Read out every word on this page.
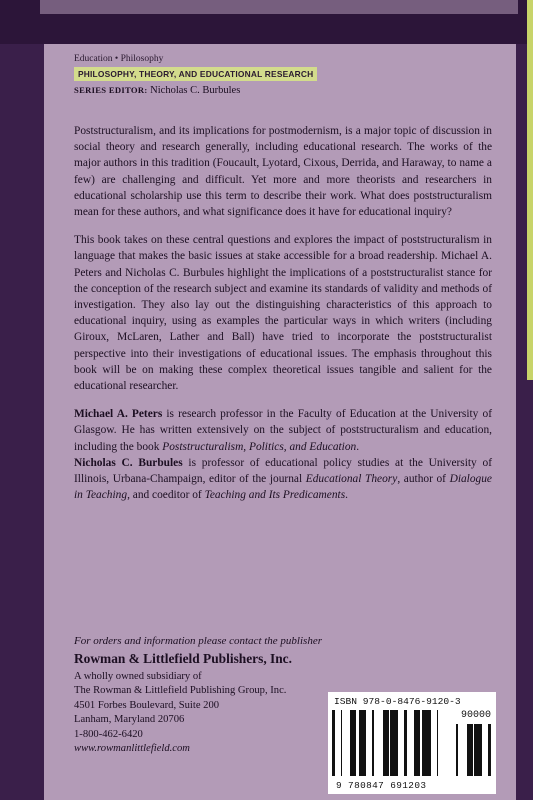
Education • Philosophy
PHILOSOPHY, THEORY, AND EDUCATIONAL RESEARCH
SERIES EDITOR: Nicholas C. Burbules

Poststructuralism, and its implications for postmodernism, is a major topic of discussion in social theory and research generally, including educational research. The works of the major authors in this tradition (Foucault, Lyotard, Cixous, Derrida, and Haraway, to name a few) are challenging and difficult. Yet more and more theorists and researchers in educational scholarship use this term to describe their work. What does poststructuralism mean for these authors, and what significance does it have for educational inquiry?

This book takes on these central questions and explores the impact of poststructuralism in language that makes the basic issues at stake accessible for a broad readership. Michael A. Peters and Nicholas C. Burbules highlight the implications of a poststructuralist stance for the conception of the research subject and examine its standards of validity and methods of investigation. They also lay out the distinguishing characteristics of this approach to educational inquiry, using as examples the particular ways in which writers (including Giroux, McLaren, Lather and Ball) have tried to incorporate the poststructuralist perspective into their investigations of educational issues. The emphasis throughout this book will be on making these complex theoretical issues tangible and salient for the educational researcher.

Michael A. Peters is research professor in the Faculty of Education at the University of Glasgow. He has written extensively on the subject of poststructuralism and education, including the book Poststructuralism, Politics, and Education.

Nicholas C. Burbules is professor of educational policy studies at the University of Illinois, Urbana-Champaign, editor of the journal Educational Theory, author of Dialogue in Teaching, and coeditor of Teaching and Its Predicaments.

For orders and information please contact the publisher
Rowman & Littlefield Publishers, Inc.
A wholly owned subsidiary of
The Rowman & Littlefield Publishing Group, Inc.
4501 Forbes Boulevard, Suite 200
Lanham, Maryland 20706
1-800-462-6420
www.rowmanlittlefield.com
ISBN 978-0-8476-9120-3
90000
9 780847 691203
